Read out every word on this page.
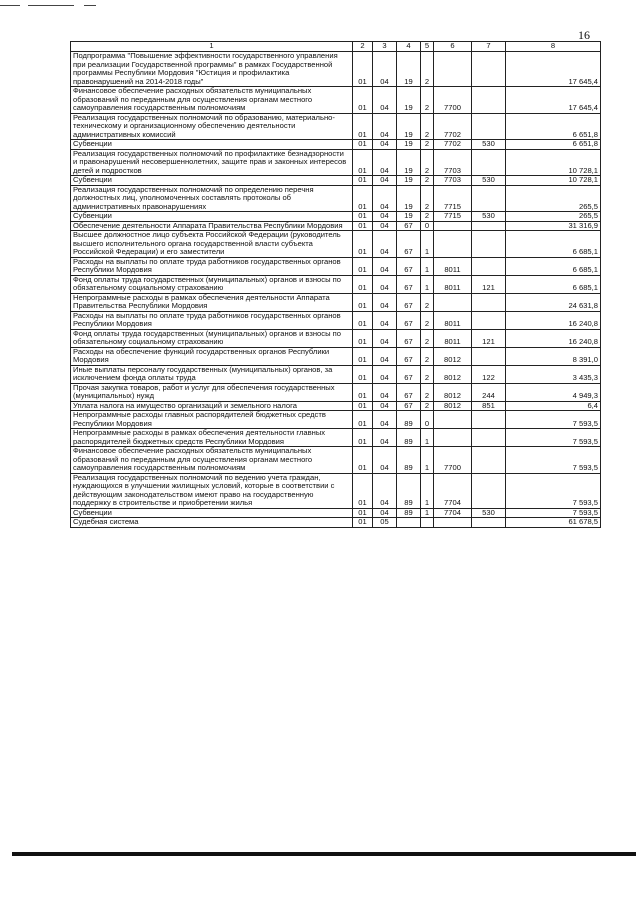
16
1	2	3	4	5	6	7	8
Подпрограмма "Повышение эффективности государственного управления при реализации Государственной программы" в рамках Государственной программы Республики Мордовия "Юстиция и профилактика правонарушений на 2014-2018 годы"	01	04	19	2			17 645,4
Финансовое обеспечение расходных обязательств муниципальных образований по переданным для осуществления органам местного самоуправления государственным полномочиям	01	04	19	2	7700		17 645,4
Реализация государственных полномочий по образованию, материально-техническому и организационному обеспечению деятельности административных комиссий	01	04	19	2	7702		6 651,8
Субвенции	01	04	19	2	7702	530	6 651,8
Реализация государственных полномочий по профилактике безнадзорности и правонарушений несовершеннолетних, защите прав и законных интересов детей и подростков	01	04	19	2	7703		10 728,1
Субвенции	01	04	19	2	7703	530	10 728,1
Реализация государственных полномочий по определению перечня должностных лиц, уполномоченных составлять протоколы об административных правонарушениях	01	04	19	2	7715		265,5
Субвенции	01	04	19	2	7715	530	265,5
Обеспечение деятельности Аппарата Правительства Республики Мордовия	01	04	67	0			31 316,9
Высшее должностное лицо субъекта Российской Федерации (руководитель высшего исполнительного органа государственной власти субъекта Российской Федерации) и его заместители	01	04	67	1			6 685,1
Расходы на выплаты по оплате труда работников государственных органов Республики Мордовия	01	04	67	1	8011		6 685,1
Фонд оплаты труда государственных (муниципальных) органов и взносы по обязательному социальному страхованию	01	04	67	1	8011	121	6 685,1
Непрограммные расходы в рамках обеспечения деятельности Аппарата Правительства Республики Мордовия	01	04	67	2			24 631,8
Расходы на выплаты по оплате труда работников государственных органов Республики Мордовия	01	04	67	2	8011		16 240,8
Фонд оплаты труда государственных (муниципальных) органов и взносы по обязательному социальному страхованию	01	04	67	2	8011	121	16 240,8
Расходы на обеспечение функций государственных органов Республики Мордовия	01	04	67	2	8012		8 391,0
Иные выплаты персоналу государственных (муниципальных) органов, за исключением фонда оплаты труда	01	04	67	2	8012	122	3 435,3
Прочая закупка товаров, работ и услуг для обеспечения государственных (муниципальных) нужд	01	04	67	2	8012	244	4 949,3
Уплата налога на имущество организаций и земельного налога	01	04	67	2	8012	851	6,4
Непрограммные расходы главных распорядителей бюджетных средств Республики Мордовия	01	04	89	0			7 593,5
Непрограммные расходы в рамках обеспечения деятельности главных распорядителей бюджетных средств Республики Мордовия	01	04	89	1			7 593,5
Финансовое обеспечение расходных обязательств муниципальных образований по переданным для осуществления органам местного самоуправления государственным полномочиям	01	04	89	1	7700		7 593,5
Реализация государственных полномочий по ведению учета граждан, нуждающихся в улучшении жилищных условий, которые в соответствии с действующим законодательством имеют право на государственную поддержку в строительстве и приобретении жилья	01	04	89	1	7704		7 593,5
Субвенции	01	04	89	1	7704	530	7 593,5
Судебная система	01	05					61 678,5
